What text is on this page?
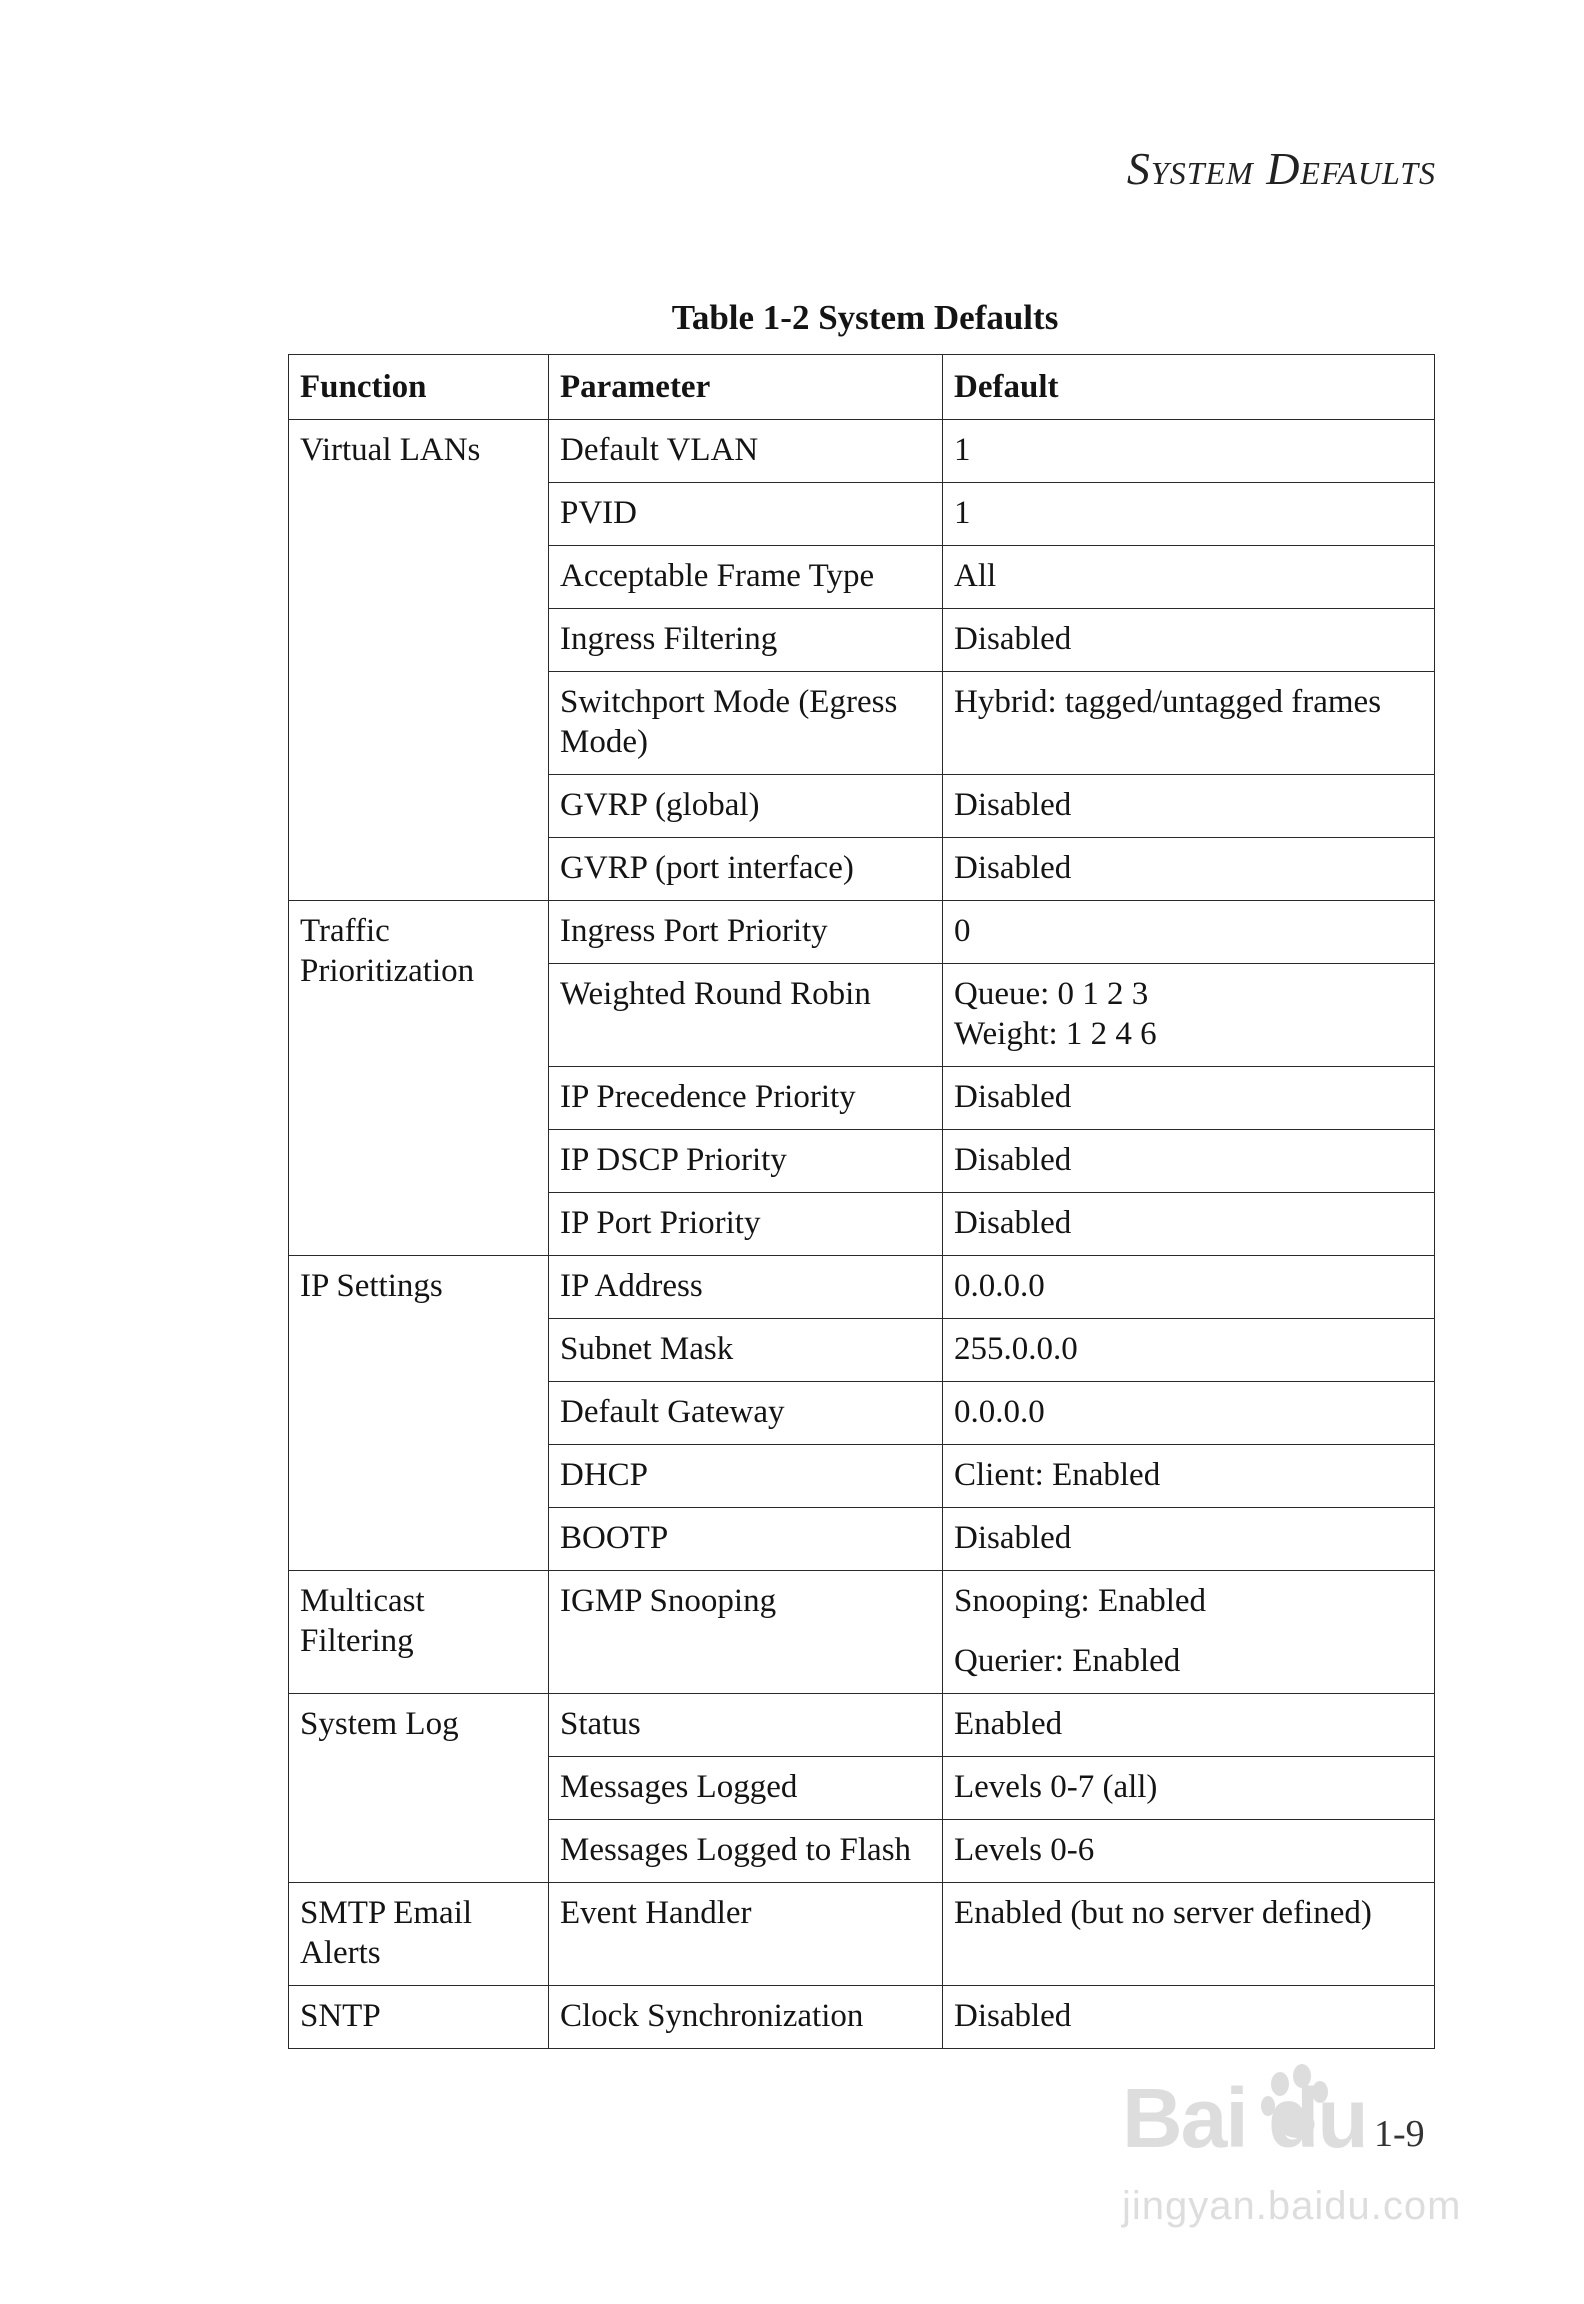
System Defaults
Table 1-2 System Defaults
Function	Parameter	Default

Virtual LANs	Default VLAN	1

	PVID	1

	Acceptable Frame Type	All

	Ingress Filtering	Disabled

	Switchport Mode (Egress
Mode)	Hybrid: tagged/untagged frames

	GVRP (global)	Disabled

	GVRP (port interface)	Disabled

Traffic
Prioritization	Ingress Port Priority	0

	Weighted Round Robin	Queue: 0 1 2 3
Weight: 1 2 4 6

	IP Precedence Priority	Disabled

	IP DSCP Priority	Disabled

	IP Port Priority	Disabled

IP Settings	IP Address	0.0.0.0

	Subnet Mask	255.0.0.0

	Default Gateway	0.0.0.0

	DHCP	Client: Enabled

	BOOTP	Disabled

Multicast
Filtering	IGMP Snooping	Snooping: Enabled
Querier: Enabled

System Log	Status	Enabled

	Messages Logged	Levels 0-7 (all)

	Messages Logged to Flash	Levels 0-6

SMTP Email
Alerts	Event Handler	Enabled (but no server defined)

SNTP	Clock Synchronization	Disabled
1-9
Bai du
jingyan.baidu.com
